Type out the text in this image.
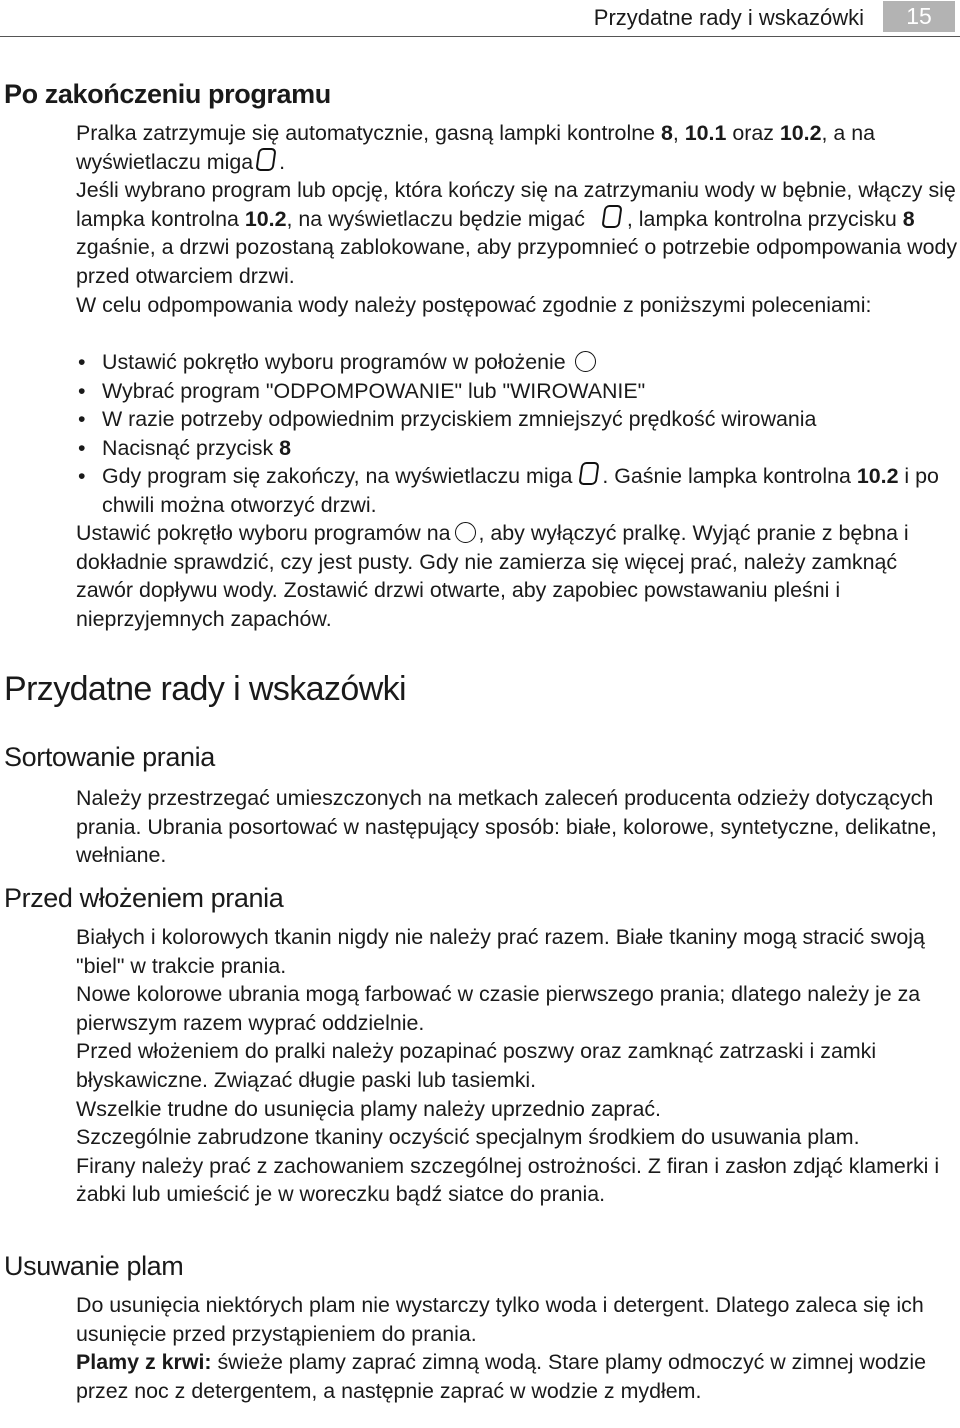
Przydatne rady i wskazówki	15
Po zakończeniu programu
Pralka zatrzymuje się automatycznie, gasną lampki kontrolne 8, 10.1 oraz 10.2, a na wyświetlaczu miga .
Jeśli wybrano program lub opcję, która kończy się na zatrzymaniu wody w bębnie, włączy się lampka kontrolna 10.2, na wyświetlaczu będzie migać , lampka kontrolna przycisku 8 zgaśnie, a drzwi pozostaną zablokowane, aby przypomnieć o potrzebie odpompowania wody przed otwarciem drzwi.
W celu odpompowania wody należy postępować zgodnie z poniższymi poleceniami:
• Ustawić pokrętło wyboru programów w położenie
• Wybrać program "ODPOMPOWANIE" lub "WIROWANIE"
• W razie potrzeby odpowiednim przyciskiem zmniejszyć prędkość wirowania
• Nacisnąć przycisk 8
• Gdy program się zakończy, na wyświetlaczu miga . Gaśnie lampka kontrolna 10.2 i po chwili można otworzyć drzwi.
Ustawić pokrętło wyboru programów na , aby wyłączyć pralkę. Wyjąć pranie z bębna i dokładnie sprawdzić, czy jest pusty. Gdy nie zamierza się więcej prać, należy zamknąć zawór dopływu wody. Zostawić drzwi otwarte, aby zapobiec powstawaniu pleśni i nieprzyjemnych zapachów.
Przydatne rady i wskazówki
Sortowanie prania
Należy przestrzegać umieszczonych na metkach zaleceń producenta odzieży dotyczących prania. Ubrania posortować w następujący sposób: białe, kolorowe, syntetyczne, delikatne, wełniane.
Przed włożeniem prania
Białych i kolorowych tkanin nigdy nie należy prać razem. Białe tkaniny mogą stracić swoją "biel" w trakcie prania.
Nowe kolorowe ubrania mogą farbować w czasie pierwszego prania; dlatego należy je za pierwszym razem wyprać oddzielnie.
Przed włożeniem do pralki należy pozapinać poszwy oraz zamknąć zatrzaski i zamki błyskawiczne. Związać długie paski lub tasiemki.
Wszelkie trudne do usunięcia plamy należy uprzednio zaprać.
Szczególnie zabrudzone tkaniny oczyścić specjalnym środkiem do usuwania plam.
Firany należy prać z zachowaniem szczególnej ostrożności. Z firan i zasłon zdjąć klamerki i żabki lub umieścić je w woreczku bądź siatce do prania.
Usuwanie plam
Do usunięcia niektórych plam nie wystarczy tylko woda i detergent. Dlatego zaleca się ich usunięcie przed przystąpieniem do prania.
Plamy z krwi: świeże plamy zaprać zimną wodą. Stare plamy odmoczyć w zimnej wodzie przez noc z detergentem, a następnie zaprać w wodzie z mydłem.
